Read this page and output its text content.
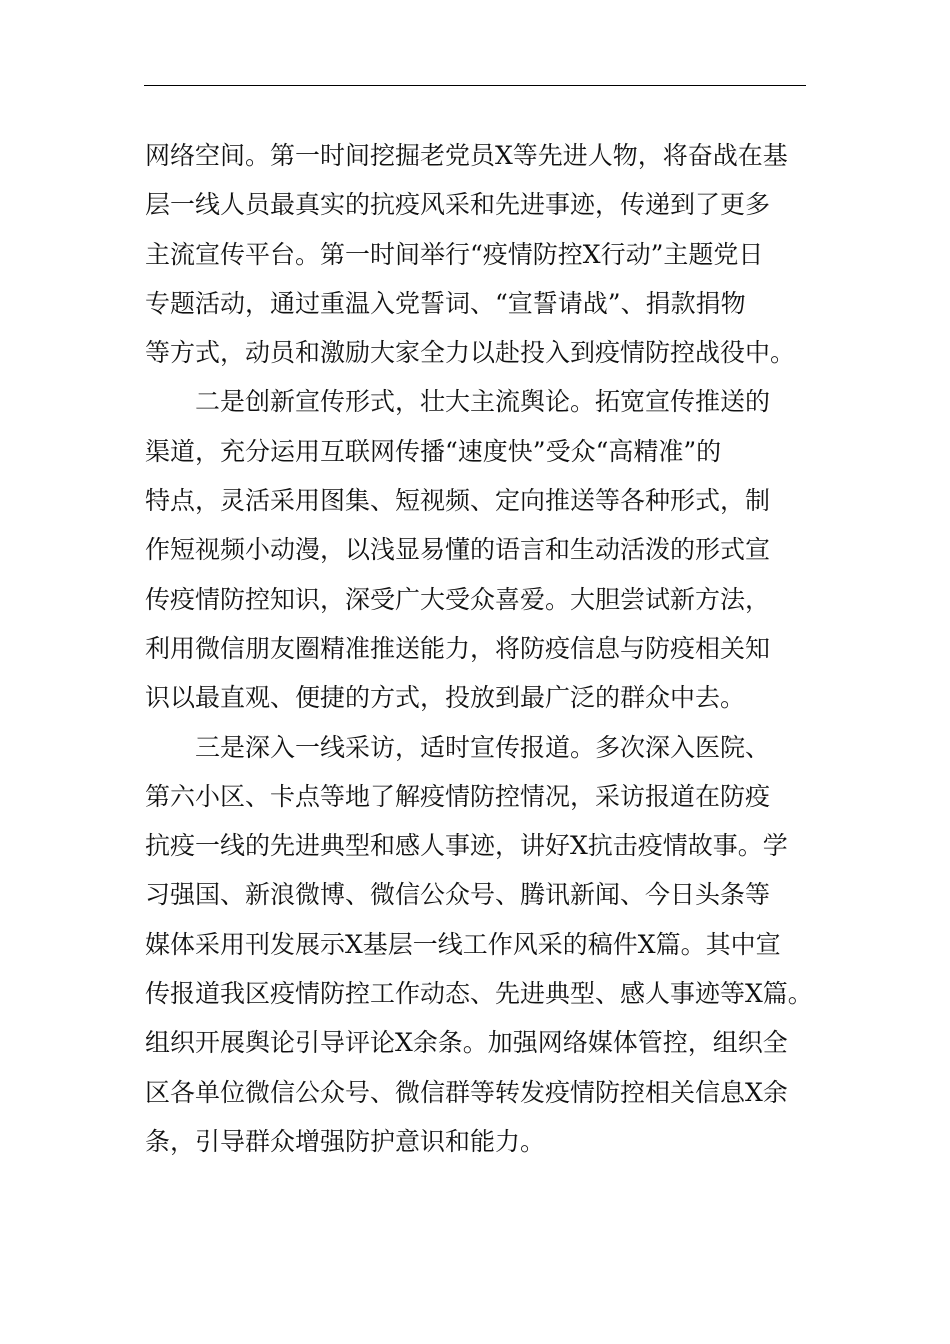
网络空间。第一时间挖掘老党员X等先进人物，将奋战在基
层一线人员最真实的抗疫风采和先进事迹，传递到了更多
主流宣传平台。第一时间举行“疫情防控X行动”主题党日
专题活动，通过重温入党誓词、“宣誓请战”、捐款捐物
等方式，动员和激励大家全力以赴投入到疫情防控战役中。
　　二是创新宣传形式，壮大主流舆论。拓宽宣传推送的
渠道，充分运用互联网传播“速度快”受众“高精准”的
特点，灵活采用图集、短视频、定向推送等各种形式，制
作短视频小动漫，以浅显易懂的语言和生动活泼的形式宣
传疫情防控知识，深受广大受众喜爱。大胆尝试新方法，
利用微信朋友圈精准推送能力，将防疫信息与防疫相关知
识以最直观、便捷的方式，投放到最广泛的群众中去。
　　三是深入一线采访，适时宣传报道。多次深入医院、
第六小区、卡点等地了解疫情防控情况，采访报道在防疫
抗疫一线的先进典型和感人事迹，讲好X抗击疫情故事。学
习强国、新浪微博、微信公众号、腾讯新闻、今日头条等
媒体采用刊发展示X基层一线工作风采的稿件X篇。其中宣
传报道我区疫情防控工作动态、先进典型、感人事迹等X篇。
组织开展舆论引导评论X余条。加强网络媒体管控，组织全
区各单位微信公众号、微信群等转发疫情防控相关信息X余
条，引导群众增强防护意识和能力。
